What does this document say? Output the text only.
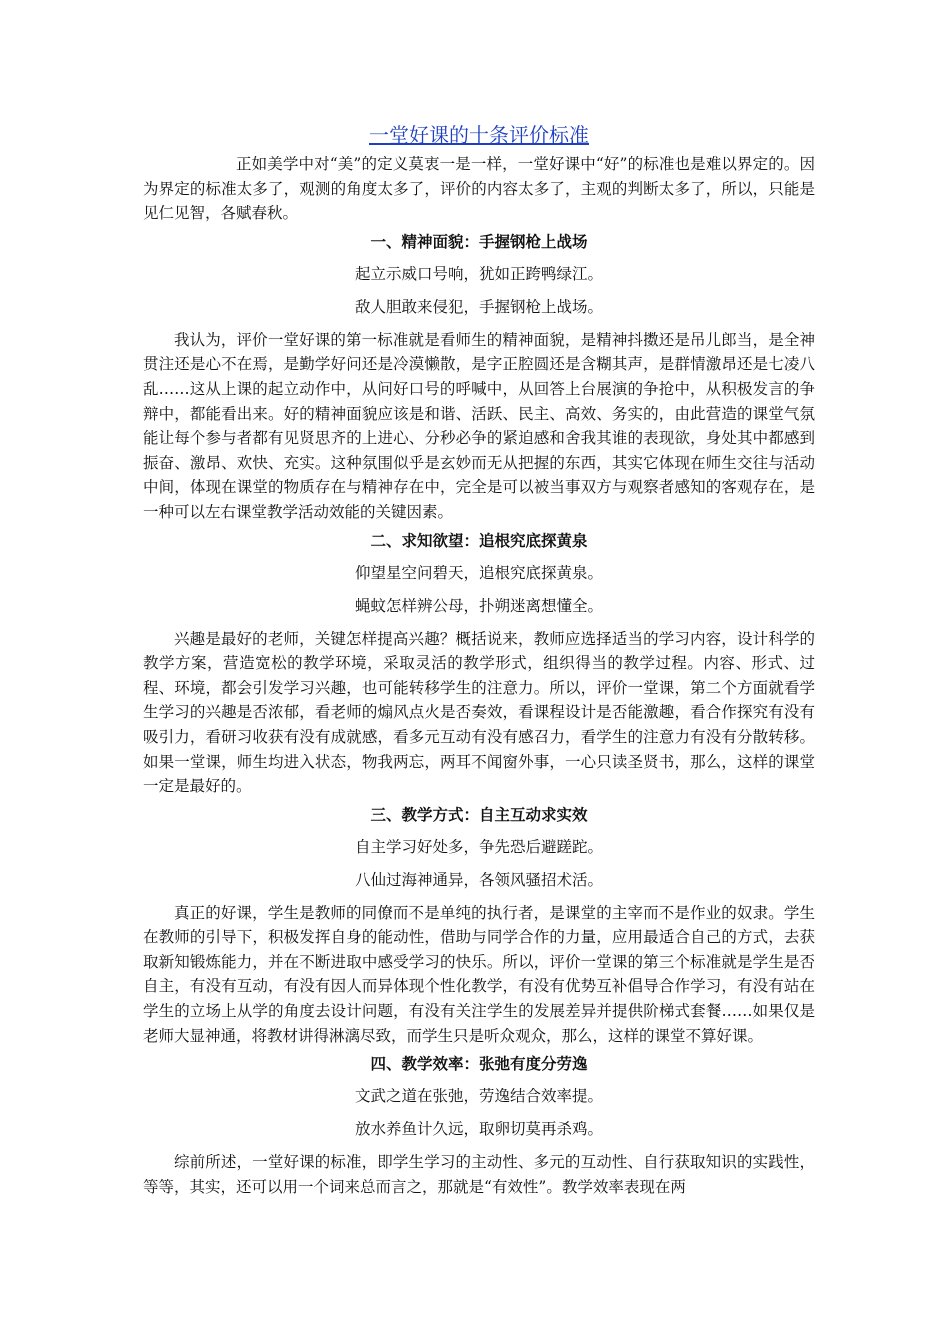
一堂好课的十条评价标准

正如美学中对“美”的定义莫衷一是一样，一堂好课中“好”的标准也是难以界定的。因为界定的标准太多了，观测的角度太多了，评价的内容太多了，主观的判断太多了，所以，只能是见仁见智，各赋春秋。

一、精神面貌：手握钢枪上战场
起立示威口号响，犹如正跨鸭绿江。
敌人胆敢来侵犯，手握钢枪上战场。

我认为，评价一堂好课的第一标准就是看师生的精神面貌，是精神抖擞还是吊儿郎当，是全神贯注还是心不在焉，是勤学好问还是冷漠懒散，是字正腔圆还是含糊其声，是群情激昂还是七凌八乱……这从上课的起立动作中，从问好口号的呼喊中，从回答上台展演的争抢中，从积极发言的争辩中，都能看出来。好的精神面貌应该是和谐、活跃、民主、高效、务实的，由此营造的课堂气氛能让每个参与者都有见贤思齐的上进心、分秒必争的紧迫感和舍我其谁的表现欲，身处其中都感到振奋、激昂、欢快、充实。这种氛围似乎是玄妙而无从把握的东西，其实它体现在师生交往与活动中间，体现在课堂的物质存在与精神存在中，完全是可以被当事双方与观察者感知的客观存在，是一种可以左右课堂教学活动效能的关键因素。

二、求知欲望：追根究底探黄泉
仰望星空问碧天，追根究底探黄泉。
蝇蚊怎样辨公母，扑朔迷离想懂全。

兴趣是最好的老师，关键怎样提高兴趣？概括说来，教师应选择适当的学习内容，设计科学的教学方案，营造宽松的教学环境，采取灵活的教学形式，组织得当的教学过程。内容、形式、过程、环境，都会引发学习兴趣，也可能转移学生的注意力。所以，评价一堂课，第二个方面就看学生学习的兴趣是否浓郁，看老师的煽风点火是否奏效，看课程设计是否能激趣，看合作探究有没有吸引力，看研习收获有没有成就感，看多元互动有没有感召力，看学生的注意力有没有分散转移。如果一堂课，师生均进入状态，物我两忘，两耳不闻窗外事，一心只读圣贤书，那么，这样的课堂一定是最好的。

三、教学方式：自主互动求实效
自主学习好处多，争先恐后避蹉跎。
八仙过海神通异，各领风骚招术活。

真正的好课，学生是教师的同僚而不是单纯的执行者，是课堂的主宰而不是作业的奴隶。学生在教师的引导下，积极发挥自身的能动性，借助与同学合作的力量，应用最适合自己的方式，去获取新知锻炼能力，并在不断进取中感受学习的快乐。所以，评价一堂课的第三个标准就是学生是否自主，有没有互动，有没有因人而异体现个性化教学，有没有优势互补倡导合作学习，有没有站在学生的立场上从学的角度去设计问题，有没有关注学生的发展差异并提供阶梯式套餐……如果仅是老师大显神通，将教材讲得淋漓尽致，而学生只是听众观众，那么，这样的课堂不算好课。

四、教学效率：张弛有度分劳逸
文武之道在张弛，劳逸结合效率提。
放水养鱼计久远，取卵切莫再杀鸡。

综前所述，一堂好课的标准，即学生学习的主动性、多元的互动性、自行获取知识的实践性，等等，其实，还可以用一个词来总而言之，那就是“有效性”。教学效率表现在两
